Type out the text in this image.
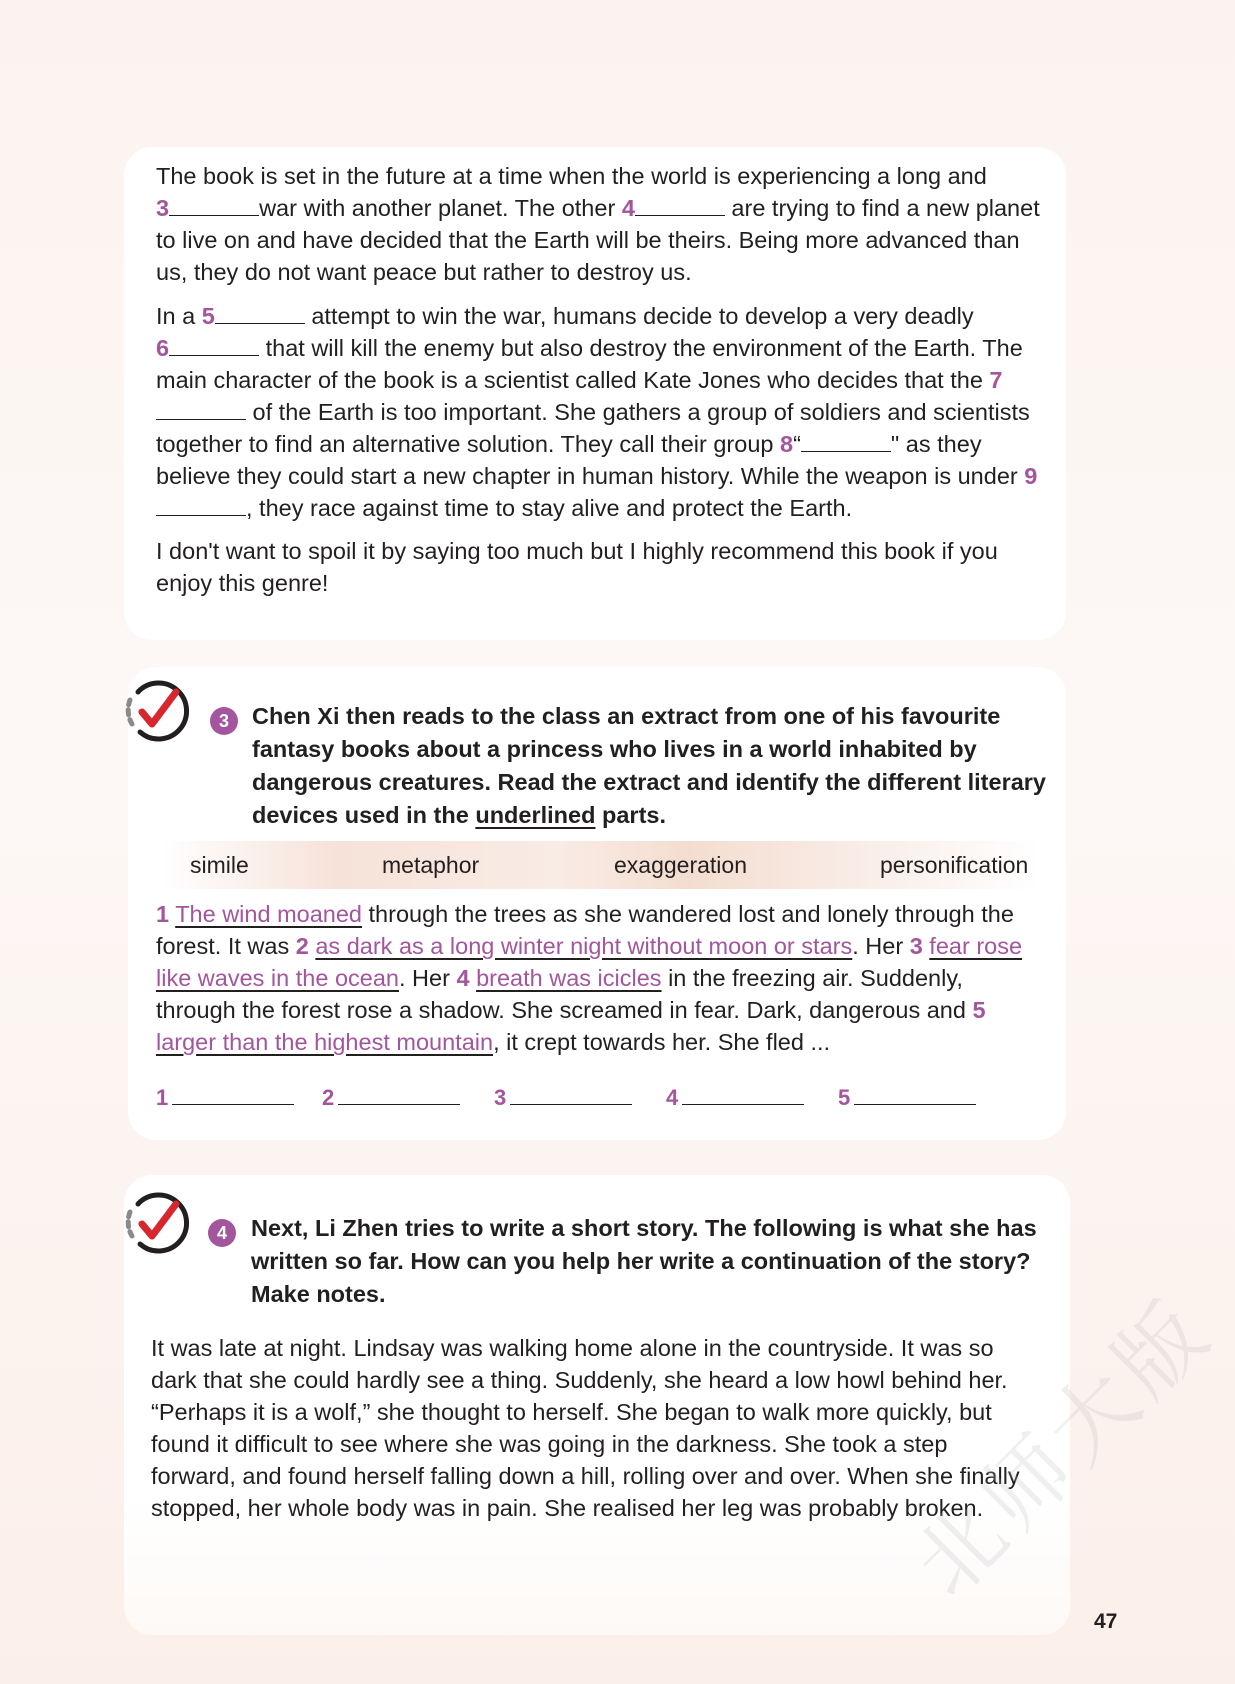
The book is set in the future at a time when the world is experiencing a long and
3	war with another planet. The other 4	are trying to find a new planet to live on and have decided that the Earth will be theirs. Being more advanced than us, they do not want peace but rather to destroy us.
In a 5	attempt to win the war, humans decide to develop a very deadly
6	that will kill the enemy but also destroy the environment of the Earth. The main character of the book is a scientist called Kate Jones who decides that the 7 of the Earth is too important. She gathers a group of soldiers and scientists together to find an alternative solution. They call their group 8“	" as they believe they could start a new chapter in human history. While the weapon is under 9, they race against time to stay alive and protect the Earth.
I don't want to spoil it by saying too much but I highly recommend this book if you enjoy this genre!
3 Chen Xi then reads to the class an extract from one of his favourite fantasy books about a princess who lives in a world inhabited by dangerous creatures. Read the extract and identify the different literary devices used in the underlined parts.

simile	metaphor	exaggeration	personification
1 The wind moaned through the trees as she wandered lost and lonely through the forest. It was 2 as dark as a long winter night without moon or stars. Her 3 fear rose like waves in the ocean. Her 4 breath was icicles in the freezing air. Suddenly, through the forest rose a shadow. She screamed in fear. Dark, dangerous and 5 larger than the highest mountain, it crept towards her. She fled ...
1	2	3	4	5
4	Next, Li Zhen tries to write a short story. The following is what she has written so far. How can you help her write a continuation of the story? Make notes.

It was late at night. Lindsay was walking home alone in the countryside. It was so dark that she could hardly see a thing. Suddenly, she heard a low howl behind her. “Perhaps it is a wolf,” she thought to herself. She began to walk more quickly, but found it difficult to see where she was going in the darkness. She took a step forward, and found herself falling down a hill, rolling over and over. When she finally stopped, her whole body was in pain. She realised her leg was probably broken.
北师大版
47
